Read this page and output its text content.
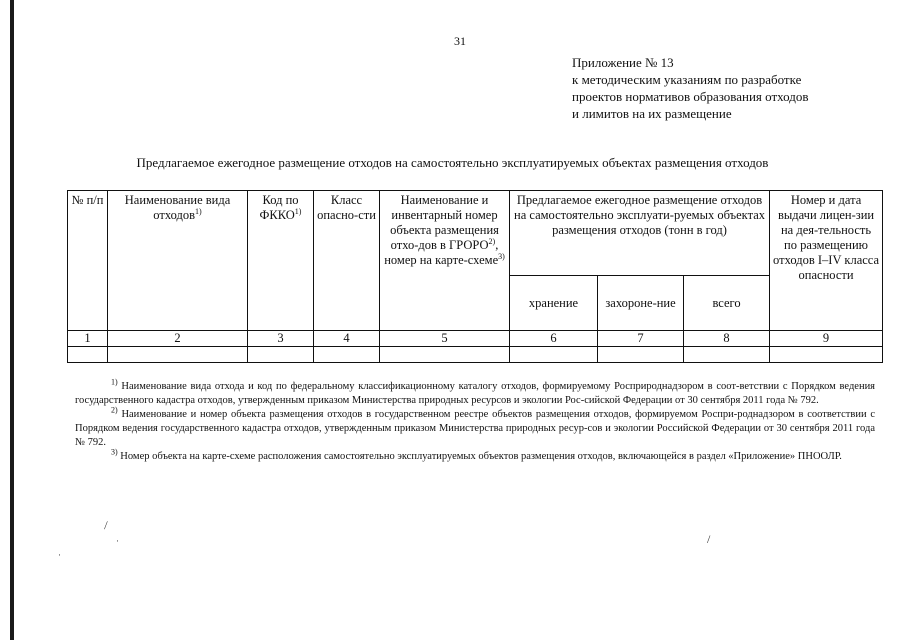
31
Приложение № 13
к методическим указаниям по разработке
проектов нормативов образования отходов
и лимитов на их размещение
Предлагаемое ежегодное размещение отходов на самостоятельно эксплуатируемых объектах размещения отходов
№ п/п	Наименование вида отходов$^{1)}$	Код по ФККО$^{1)}$	Класс опасно-сти	Наименование и инвентарный номер объекта размещения отхо-дов в ГРОРО$^{2)}$, номер на карте-схеме$^{3)}$	Предлагаемое ежегодное размещение отходов на самостоятельно эксплуати-руемых объектах размещения отходов (тонн в год)			Номер и дата выдачи лицен-зии на дея-тельность по размещению отходов I–IV класса опасности
					хранение	захороне-ние	всего	
1	2	3	4	5	6	7	8	9

$^{1)}$ Наименование вида отхода и код по федеральному классификационному каталогу отходов, формируемому Росприроднадзором в соот-ветствии с Порядком ведения государственного кадастра отходов, утвержденным приказом Министерства природных ресурсов и экологии Рос-сийской Федерации от 30 сентября 2011 года № 792.

$^{2)}$ Наименование и номер объекта размещения отходов в государственном реестре объектов размещения отходов, формируемом Роспри-роднадзором в соответствии с Порядком ведения государственного кадастра отходов, утвержденным приказом Министерства природных ресур-сов и экологии Российской Федерации от 30 сентября 2011 года № 792.

$^{3)}$ Номер объекта на карте-схеме расположения самостоятельно эксплуатируемых объектов размещения отходов, включающейся в раздел «Приложение» ПНООЛР.

\
·
·
/
